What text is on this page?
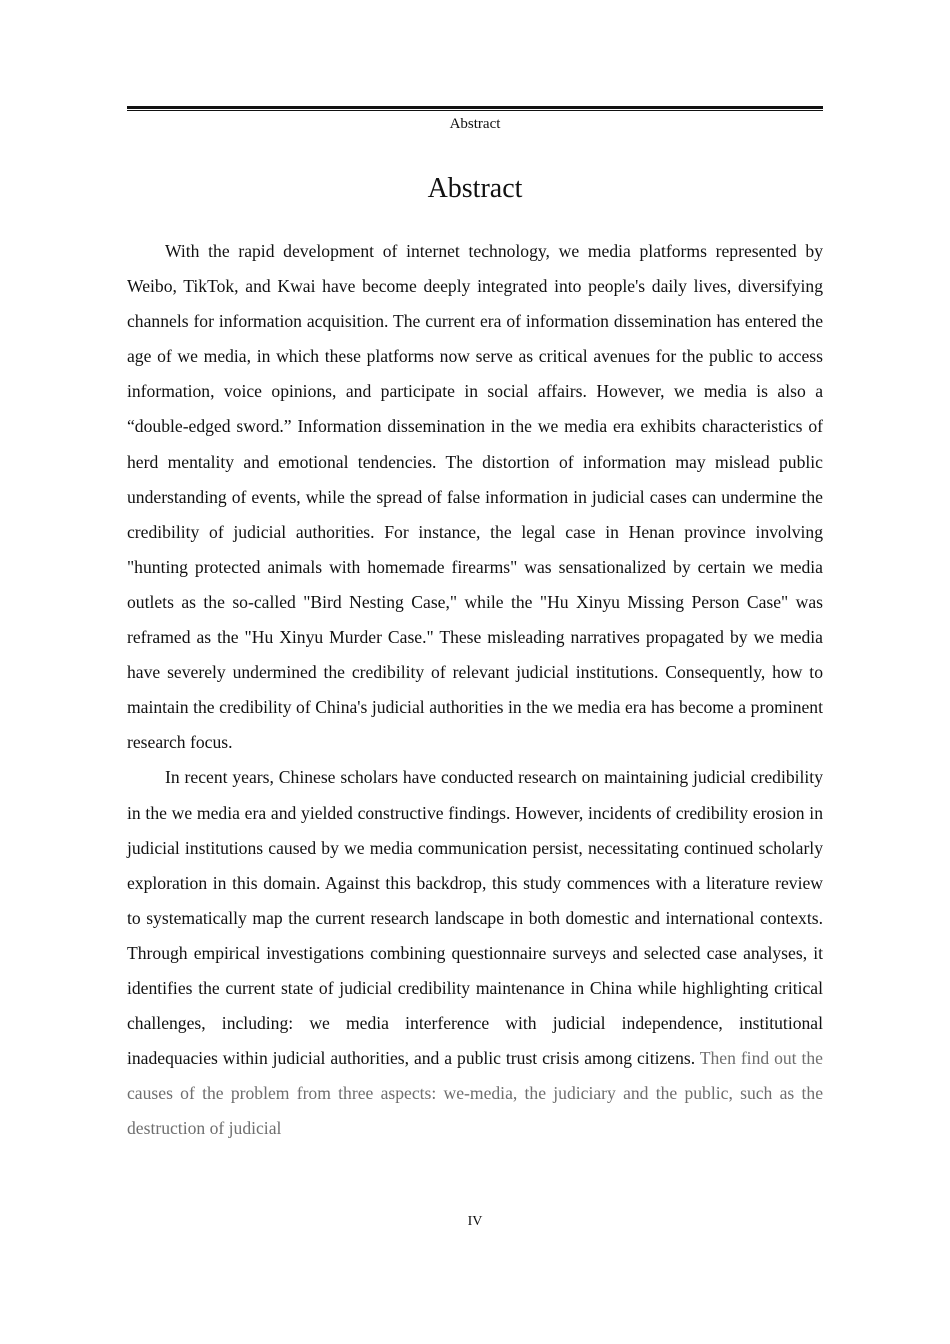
Abstract
Abstract

With the rapid development of internet technology, we media platforms represented by Weibo, TikTok, and Kwai have become deeply integrated into people's daily lives, diversifying channels for information acquisition. The current era of information dissemination has entered the age of we media, in which these platforms now serve as critical avenues for the public to access information, voice opinions, and participate in social affairs. However, we media is also a “double-edged sword.” Information dissemination in the we media era exhibits characteristics of herd mentality and emotional tendencies. The distortion of information may mislead public understanding of events, while the spread of false information in judicial cases can undermine the credibility of judicial authorities. For instance, the legal case in Henan province involving "hunting protected animals with homemade firearms" was sensationalized by certain we media outlets as the so-called "Bird Nesting Case," while the "Hu Xinyu Missing Person Case" was reframed as the "Hu Xinyu Murder Case." These misleading narratives propagated by we media have severely undermined the credibility of relevant judicial institutions. Consequently, how to maintain the credibility of China's judicial authorities in the we media era has become a prominent research focus.

In recent years, Chinese scholars have conducted research on maintaining judicial credibility in the we media era and yielded constructive findings. However, incidents of credibility erosion in judicial institutions caused by we media communication persist, necessitating continued scholarly exploration in this domain. Against this backdrop, this study commences with a literature review to systematically map the current research landscape in both domestic and international contexts. Through empirical investigations combining questionnaire surveys and selected case analyses, it identifies the current state of judicial credibility maintenance in China while highlighting critical challenges, including: we media interference with judicial independence, institutional inadequacies within judicial authorities, and a public trust crisis among citizens. Then find out the causes of the problem from three aspects: we-media, the judiciary and the public, such as the destruction of judicial

IV
